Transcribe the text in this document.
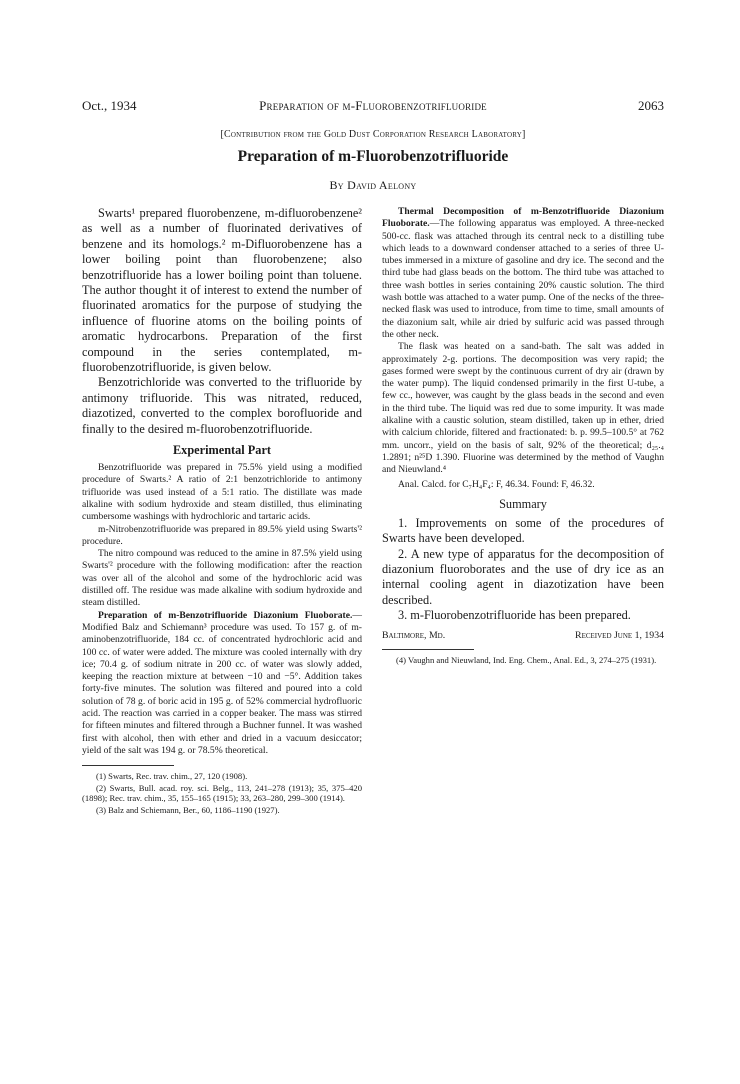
Oct., 1934	Preparation of m-Fluorobenzotrifluoride	2063
[Contribution from the Gold Dust Corporation Research Laboratory]
Preparation of m-Fluorobenzotrifluoride
By David Aelony

Swarts¹ prepared fluorobenzene, m-difluorobenzene² as well as a number of fluorinated derivatives of benzene and its homologs.² m-Difluorobenzene has a lower boiling point than fluorobenzene; also benzotrifluoride has a lower boiling point than toluene. The author thought it of interest to extend the number of fluorinated aromatics for the purpose of studying the influence of fluorine atoms on the boiling points of aromatic hydrocarbons. Preparation of the first compound in the series contemplated, m-fluorobenzotrifluoride, is given below.

Benzotrichloride was converted to the trifluoride by antimony trifluoride. This was nitrated, reduced, diazotized, converted to the complex borofluoride and finally to the desired m-fluorobenzotrifluoride.

Experimental Part

Benzotrifluoride was prepared in 75.5% yield using a modified procedure of Swarts.² A ratio of 2:1 benzotrichloride to antimony trifluoride was used instead of a 5:1 ratio. The distillate was made alkaline with sodium hydroxide and steam distilled, thus eliminating cumbersome washings with hydrochloric and tartaric acids.

m-Nitrobenzotrifluoride was prepared in 89.5% yield using Swarts'² procedure.

The nitro compound was reduced to the amine in 87.5% yield using Swarts'² procedure with the following modification: after the reaction was over all of the alcohol and some of the hydrochloric acid was distilled off. The residue was made alkaline with sodium hydroxide and steam distilled.

Preparation of m-Benzotrifluoride Diazonium Fluoborate.—Modified Balz and Schiemann³ procedure was used. To 157 g. of m-aminobenzotrifluoride, 184 cc. of concentrated hydrochloric acid and 100 cc. of water were added. The mixture was cooled internally with dry ice; 70.4 g. of sodium nitrate in 200 cc. of water was slowly added, keeping the reaction mixture at between −10 and −5°. Addition takes forty-five minutes. The solution was filtered and poured into a cold solution of 78 g. of boric acid in 195 g. of 52% commercial hydrofluoric acid. The reaction was carried in a copper beaker. The mass was stirred for fifteen minutes and filtered through a Buchner funnel. It was washed first with alcohol, then with ether and dried in a vacuum desiccator; yield of the salt was 194 g. or 78.5% theoretical.

(1) Swarts, Rec. trav. chim., 27, 120 (1908).

(2) Swarts, Bull. acad. roy. sci. Belg., 113, 241–278 (1913); 35, 375–420 (1898); Rec. trav. chim., 35, 155–165 (1915); 33, 263–280, 299–300 (1914).

(3) Balz and Schiemann, Ber., 60, 1186–1190 (1927).

Thermal Decomposition of m-Benzotrifluoride Diazonium Fluoborate.—The following apparatus was employed. A three-necked 500-cc. flask was attached through its central neck to a distilling tube which leads to a downward condenser attached to a series of three U-tubes immersed in a mixture of gasoline and dry ice. The second and the third tube had glass beads on the bottom. The third tube was attached to three wash bottles in series containing 20% caustic solution. The third wash bottle was attached to a water pump. One of the necks of the three-necked flask was used to introduce, from time to time, small amounts of the diazonium salt, while air dried by sulfuric acid was passed through the other neck.

The flask was heated on a sand-bath. The salt was added in approximately 2-g. portions. The decomposition was very rapid; the gases formed were swept by the continuous current of dry air (drawn by the water pump). The liquid condensed primarily in the first U-tube, a few cc., however, was caught by the glass beads in the second and even in the third tube. The liquid was red due to some impurity. It was made alkaline with a caustic solution, steam distilled, taken up in ether, dried with calcium chloride, filtered and fractionated: b. p. 99.5–100.5° at 762 mm. uncorr., yield on the basis of salt, 92% of the theoretical; d₂₅.₄ 1.2891; n²⁵D 1.390. Fluorine was determined by the method of Vaughn and Nieuwland.⁴

Anal. Calcd. for C₇H₄F₄: F, 46.34. Found: F, 46.32.

Summary

1. Improvements on some of the procedures of Swarts have been developed.

2. A new type of apparatus for the decomposition of diazonium fluoroborates and the use of dry ice as an internal cooling agent in diazotization have been described.

3. m-Fluorobenzotrifluoride has been prepared.

Baltimore, Md.	Received June 1, 1934

(4) Vaughn and Nieuwland, Ind. Eng. Chem., Anal. Ed., 3, 274–275 (1931).
